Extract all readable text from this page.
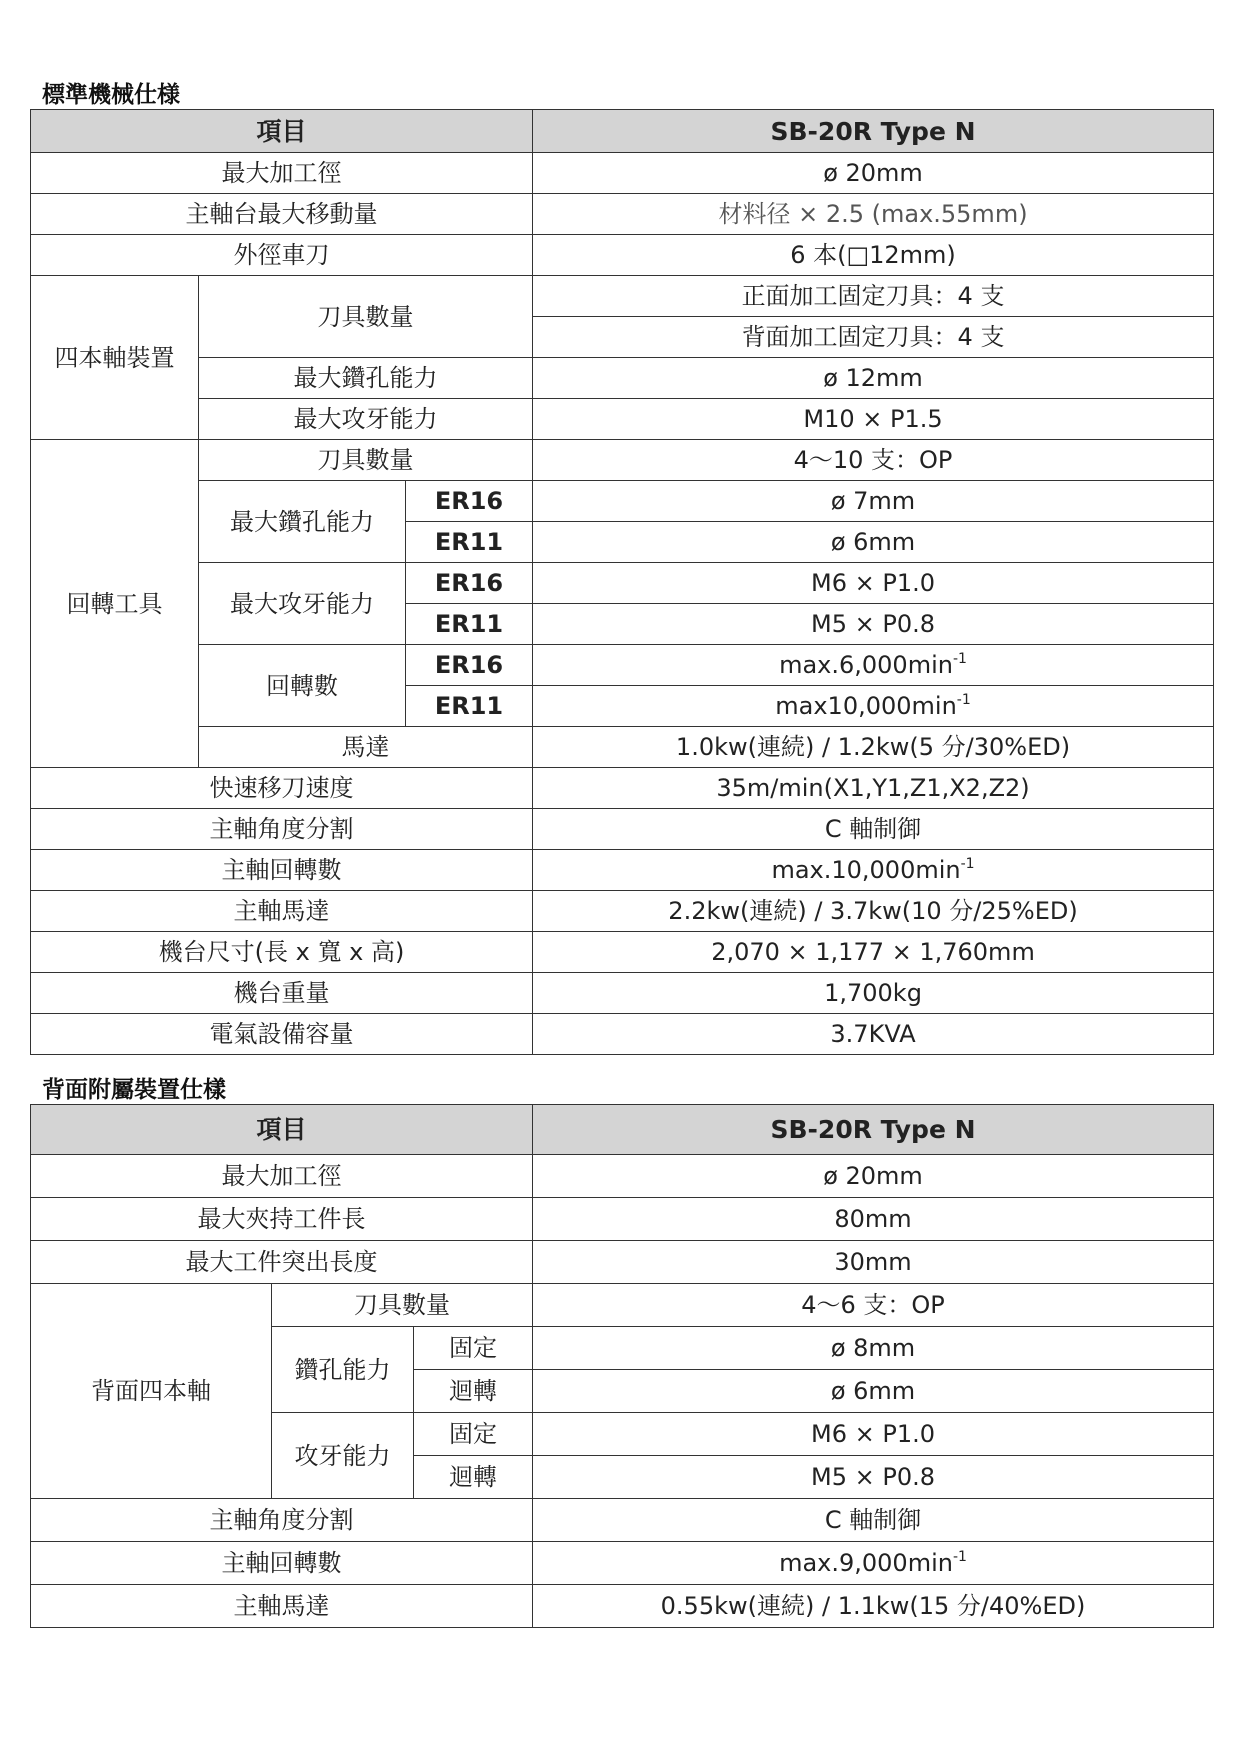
標準機械仕様
項目			SB-20R Type N
最大加工徑			ø 20mm
主軸台最大移動量			材料径 × 2.5 (max.55mm)
外徑車刀			6 本(□12mm)
四本軸裝置	刀具數量		正面加工固定刀具：4 支
			背面加工固定刀具：4 支
	最大鑽孔能力		ø 12mm
	最大攻牙能力		M10 × P1.5
回轉工具	刀具數量		4～10 支：OP
	最大鑽孔能力	ER16	ø 7mm
		ER11	ø 6mm
	最大攻牙能力	ER16	M6 × P1.0
		ER11	M5 × P0.8
	回轉數	ER16	$\max.6,000\min^{-1}$
		ER11	$\max 10,000\min^{-1}$
	馬達		1.0kw(連続) / 1.2kw(5 分/30%ED)
快速移刀速度			35m/min(X1,Y1,Z1,X2,Z2)
主軸角度分割			C 軸制御
主軸回轉數			$\max.10,000\min^{-1}$
主軸馬達			2.2kw(連続) / 3.7kw(10 分/25%ED)
機台尺寸(長 x 寬 x 高)			2,070 × 1,177 × 1,760mm
機台重量			1,700kg
電氣設備容量			3.7KVA
背面附屬裝置仕樣
項目			SB-20R Type N
最大加工徑			ø 20mm
最大夾持工件長			80mm
最大工件突出長度			30mm
背面四本軸	刀具數量		4～6 支：OP
	鑽孔能力	固定	ø 8mm
		迴轉	ø 6mm
	攻牙能力	固定	M6 × P1.0
		迴轉	M5 × P0.8
主軸角度分割			C 軸制御
主軸回轉數			$\max.9,000\min^{-1}$
主軸馬達			0.55kw(連続) / 1.1kw(15 分/40%ED)
